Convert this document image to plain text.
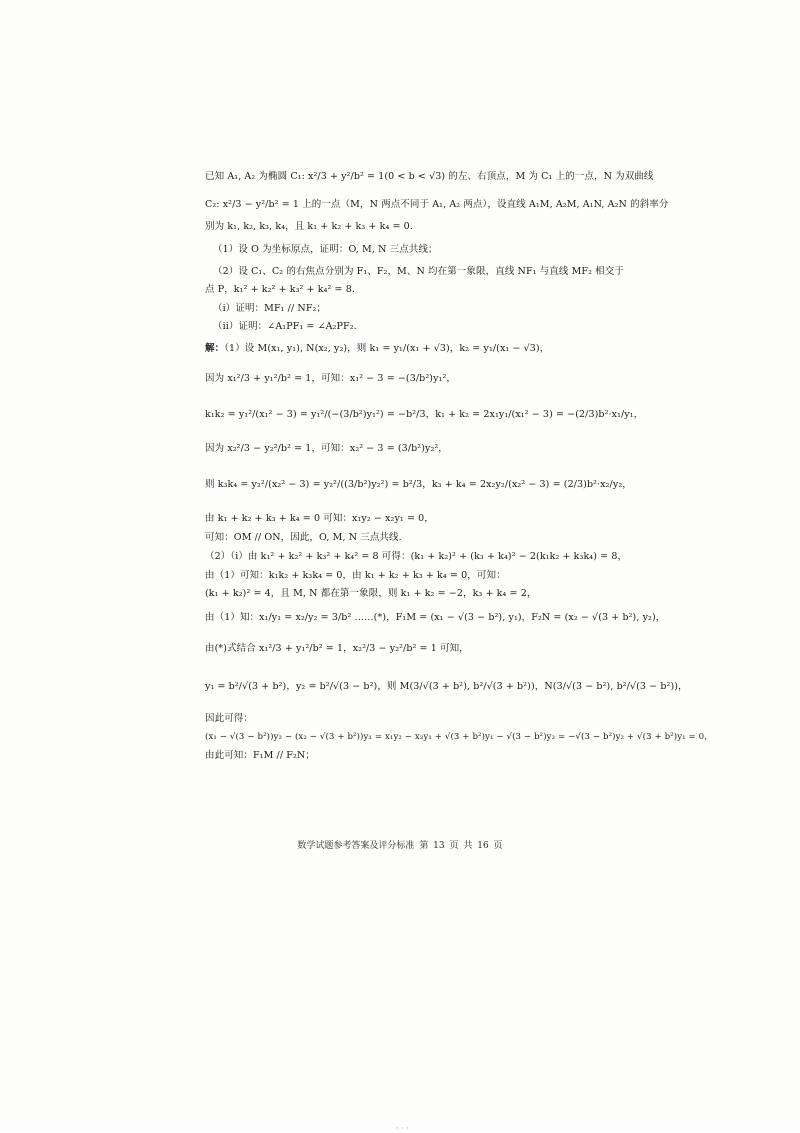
已知 A₁, A₂ 为椭圆 C₁: x²/3 + y²/b² = 1(0 < b < √3) 的左、右顶点，M 为 C₁ 上的一点，N 为双曲线
C₂: x²/3 − y²/b² = 1 上的一点（M，N 两点不同于 A₁, A₂ 两点），设直线 A₁M, A₂M, A₁N, A₂N 的斜率分
别为 k₁, k₂, k₃, k₄，且 k₁ + k₂ + k₃ + k₄ = 0.
（1）设 O 为坐标原点，证明：O, M, N 三点共线；
（2）设 C₁、C₂ 的右焦点分别为 F₁、F₂，M、N 均在第一象限，直线 NF₁ 与直线 MF₂ 相交于
点 P，k₁² + k₂² + k₃² + k₄² = 8.
（i）证明：MF₁ // NF₂；
（ii）证明：∠A₁PF₁ = ∠A₂PF₂.
解：（1）设 M(x₁, y₁), N(x₂, y₂)，则 k₁ = y₁/(x₁ + √3)，k₂ = y₁/(x₁ − √3)，
因为 x₁²/3 + y₁²/b² = 1，可知：x₁² − 3 = −(3/b²)y₁²，
k₁k₂ = y₁²/(x₁² − 3) = y₁²/(−(3/b²)y₁²) = −b²/3，k₁ + k₂ = 2x₁y₁/(x₁² − 3) = −(2/3)b²·x₁/y₁，
因为 x₂²/3 − y₂²/b² = 1，可知：x₂² − 3 = (3/b²)y₂²，
则 k₃k₄ = y₂²/(x₂² − 3) = y₂²/((3/b²)y₂²) = b²/3，k₃ + k₄ = 2x₂y₂/(x₂² − 3) = (2/3)b²·x₂/y₂，
由 k₁ + k₂ + k₃ + k₄ = 0 可知：x₁y₂ − x₂y₁ = 0，
可知：OM // ON，因此，O, M, N 三点共线.
（2）（i）由 k₁² + k₂² + k₃² + k₄² = 8 可得：(k₁ + k₂)² + (k₃ + k₄)² − 2(k₁k₂ + k₃k₄) = 8，
由（1）可知：k₁k₂ + k₃k₄ = 0，由 k₁ + k₂ + k₃ + k₄ = 0，可知：
(k₁ + k₂)² = 4，且 M, N 都在第一象限，则 k₁ + k₂ = −2，k₃ + k₄ = 2，
由（1）知：x₁/y₁ = x₂/y₂ = 3/b² ……(*)，F₁M = (x₁ − √(3 − b²), y₁)，F₂N = (x₂ − √(3 + b²), y₂)，
由(*)式结合 x₁²/3 + y₁²/b² = 1，x₂²/3 − y₂²/b² = 1 可知，
y₁ = b²/√(3 + b²)，y₂ = b²/√(3 − b²)，则 M(3/√(3 + b²), b²/√(3 + b²))，N(3/√(3 − b²), b²/√(3 − b²))，
因此可得：
(x₁ − √(3 − b²))y₂ − (x₂ − √(3 + b²))y₁ = x₁y₂ − x₂y₁ + √(3 + b²)y₁ − √(3 − b²)y₂ = −√(3 − b²)y₂ + √(3 + b²)y₁ = 0，
由此可知：F₁M // F₂N；
数学试题参考答案及评分标准 第 13 页 共 16 页
· · ·
